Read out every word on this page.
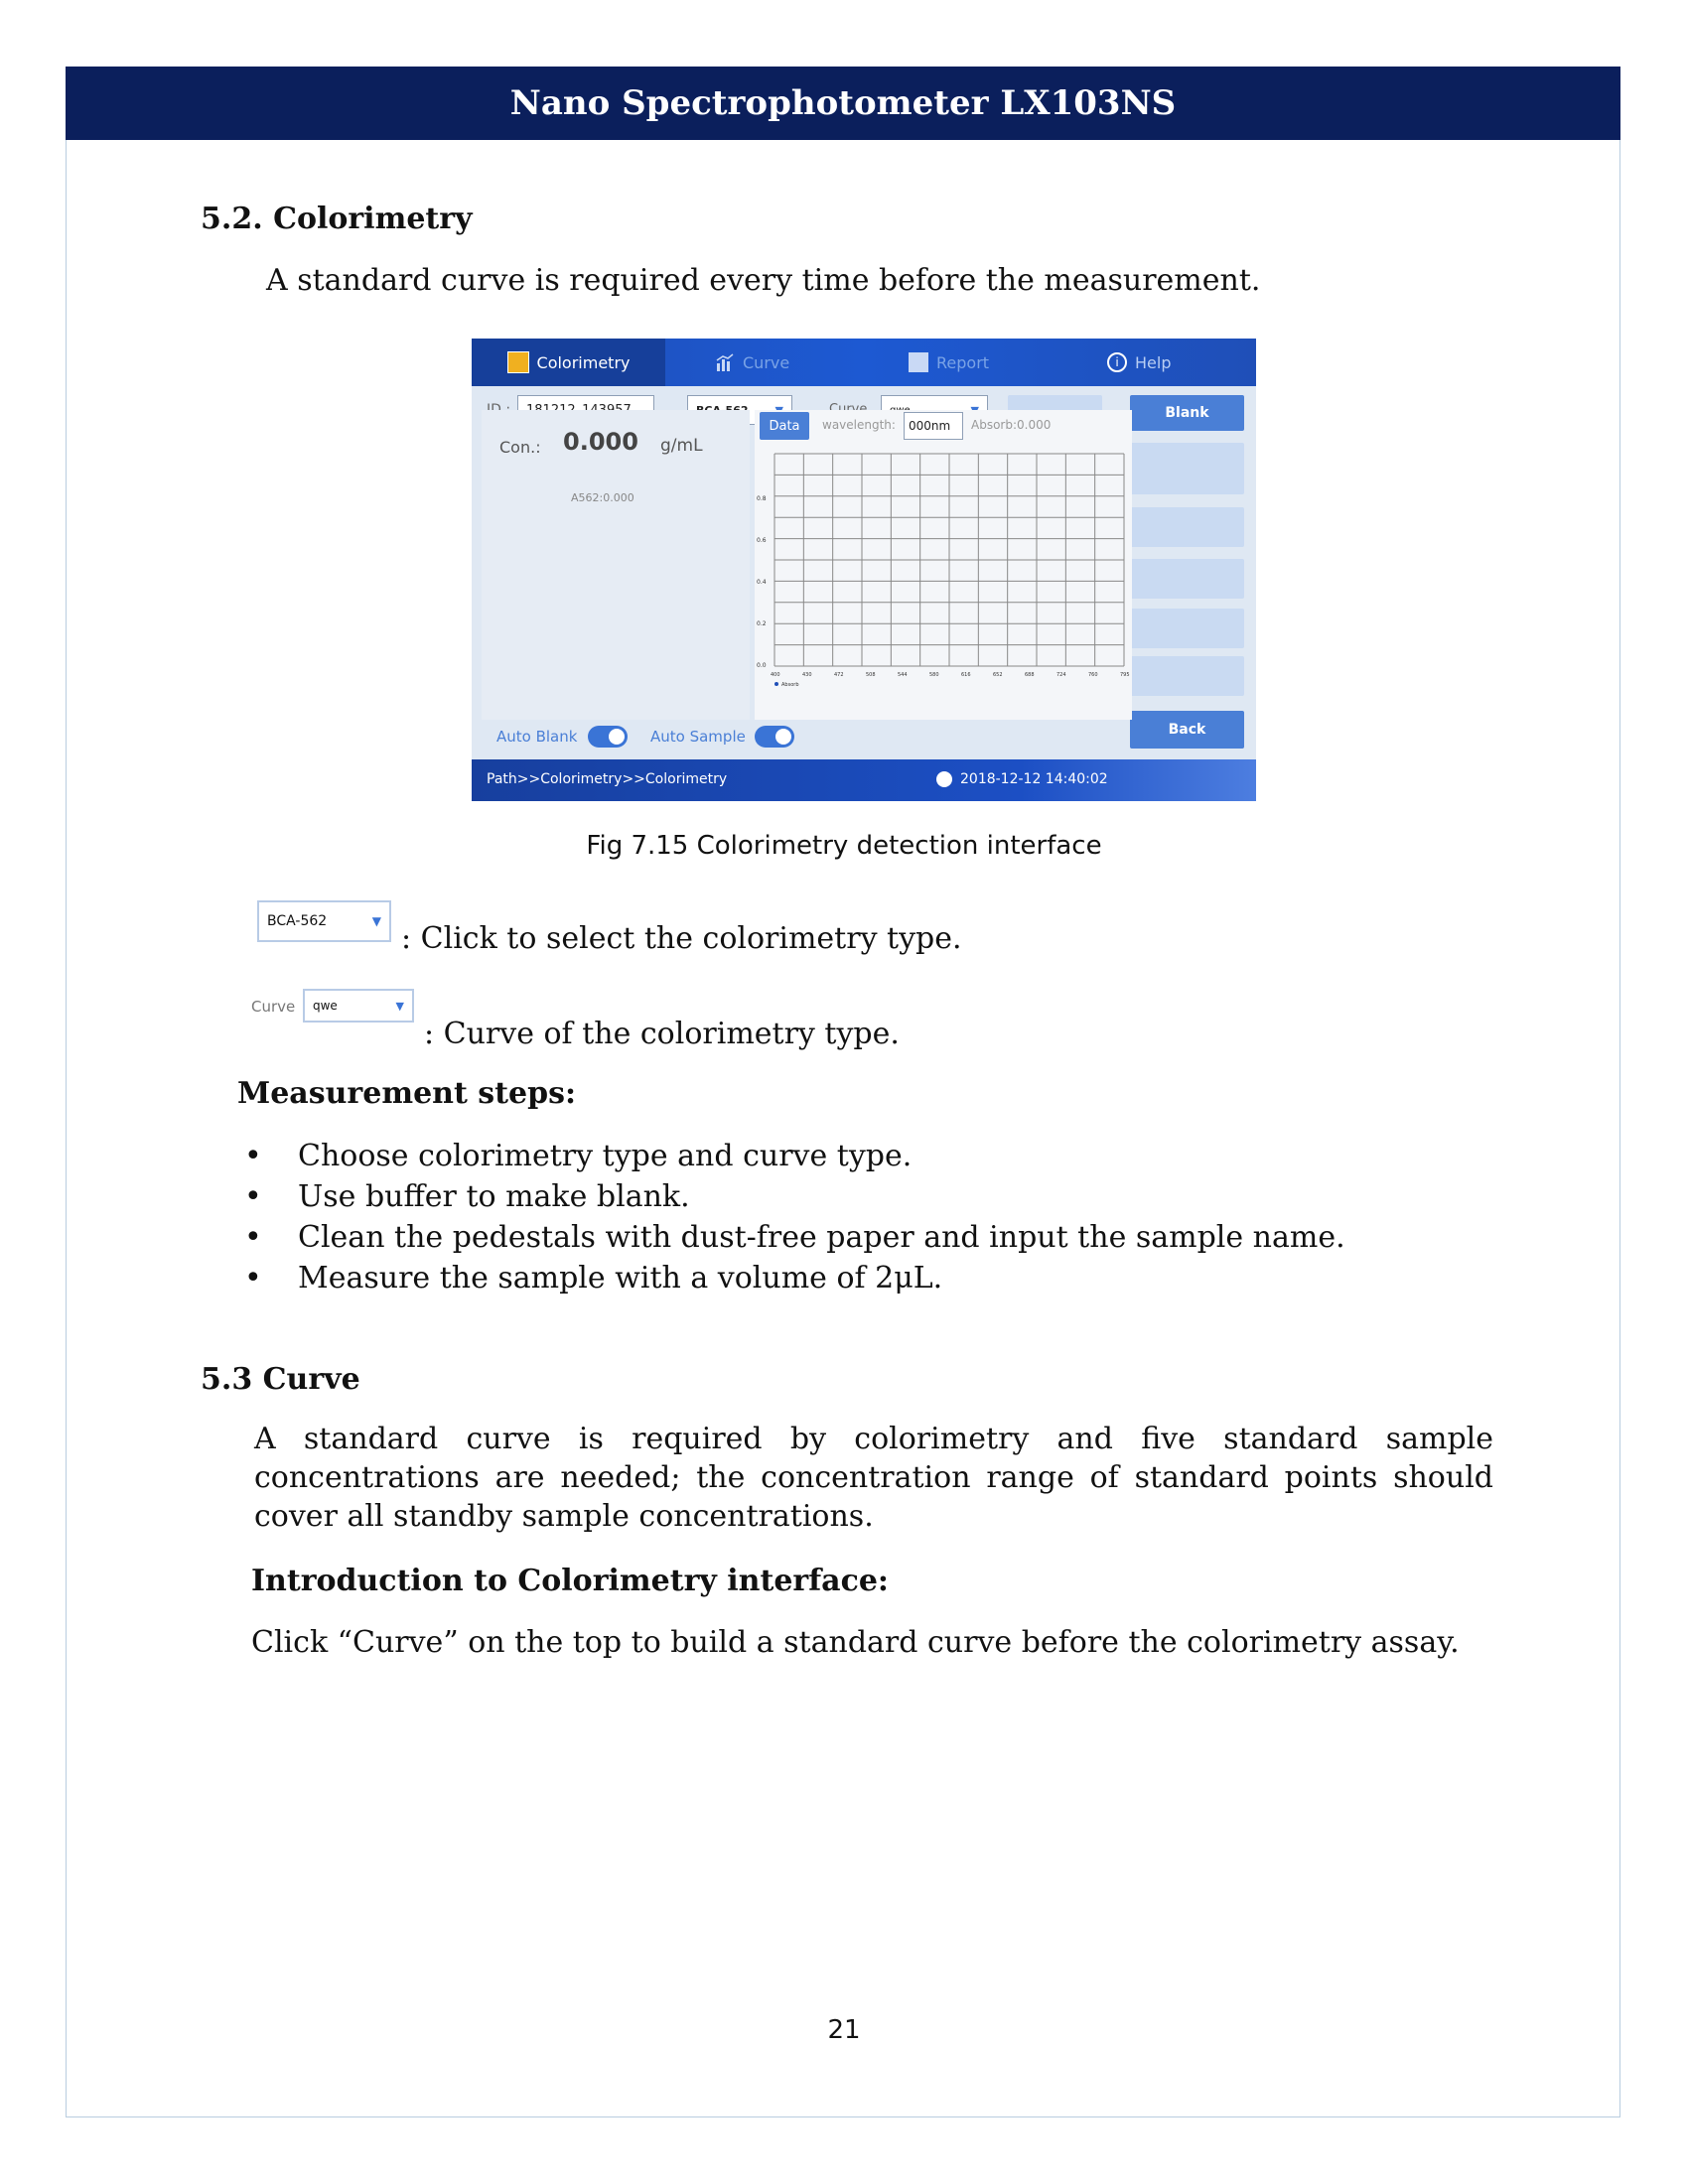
Nano Spectrophotometer LX103NS
5.2. Colorimetry
A standard curve is required every time before the measurement.
Colorimetry	Curve	Report	i	Help
Blank
Back
Con.: 0.000 g/mL
A562:0.000
Data	wavelength:	000nm	Absorb:0.000
0.8
0.6
0.4
0.2
0.0
400	430	472	508	544	580	616	652	688	724	760	795
Absorb
Auto Blank	Auto Sample
Path>>Colorimetry>>Colorimetry	2018-12-12 14:40:02
Fig 7.15 Colorimetry detection interface
BCA-562	▼ : Click to select the colorimetry type.
Curve qwe	▼
: Curve of the colorimetry type.
Measurement steps:
• Choose colorimetry type and curve type.
• Use buffer to make blank.
• Clean the pedestals with dust-free paper and input the sample name.
• Measure the sample with a volume of 2μL.
5.3 Curve
A standard curve is required by colorimetry and five standard sample concentrations are needed; the concentration range of standard points should cover all standby sample concentrations.
Introduction to Colorimetry interface:
Click “Curve” on the top to build a standard curve before the colorimetry assay.
21
